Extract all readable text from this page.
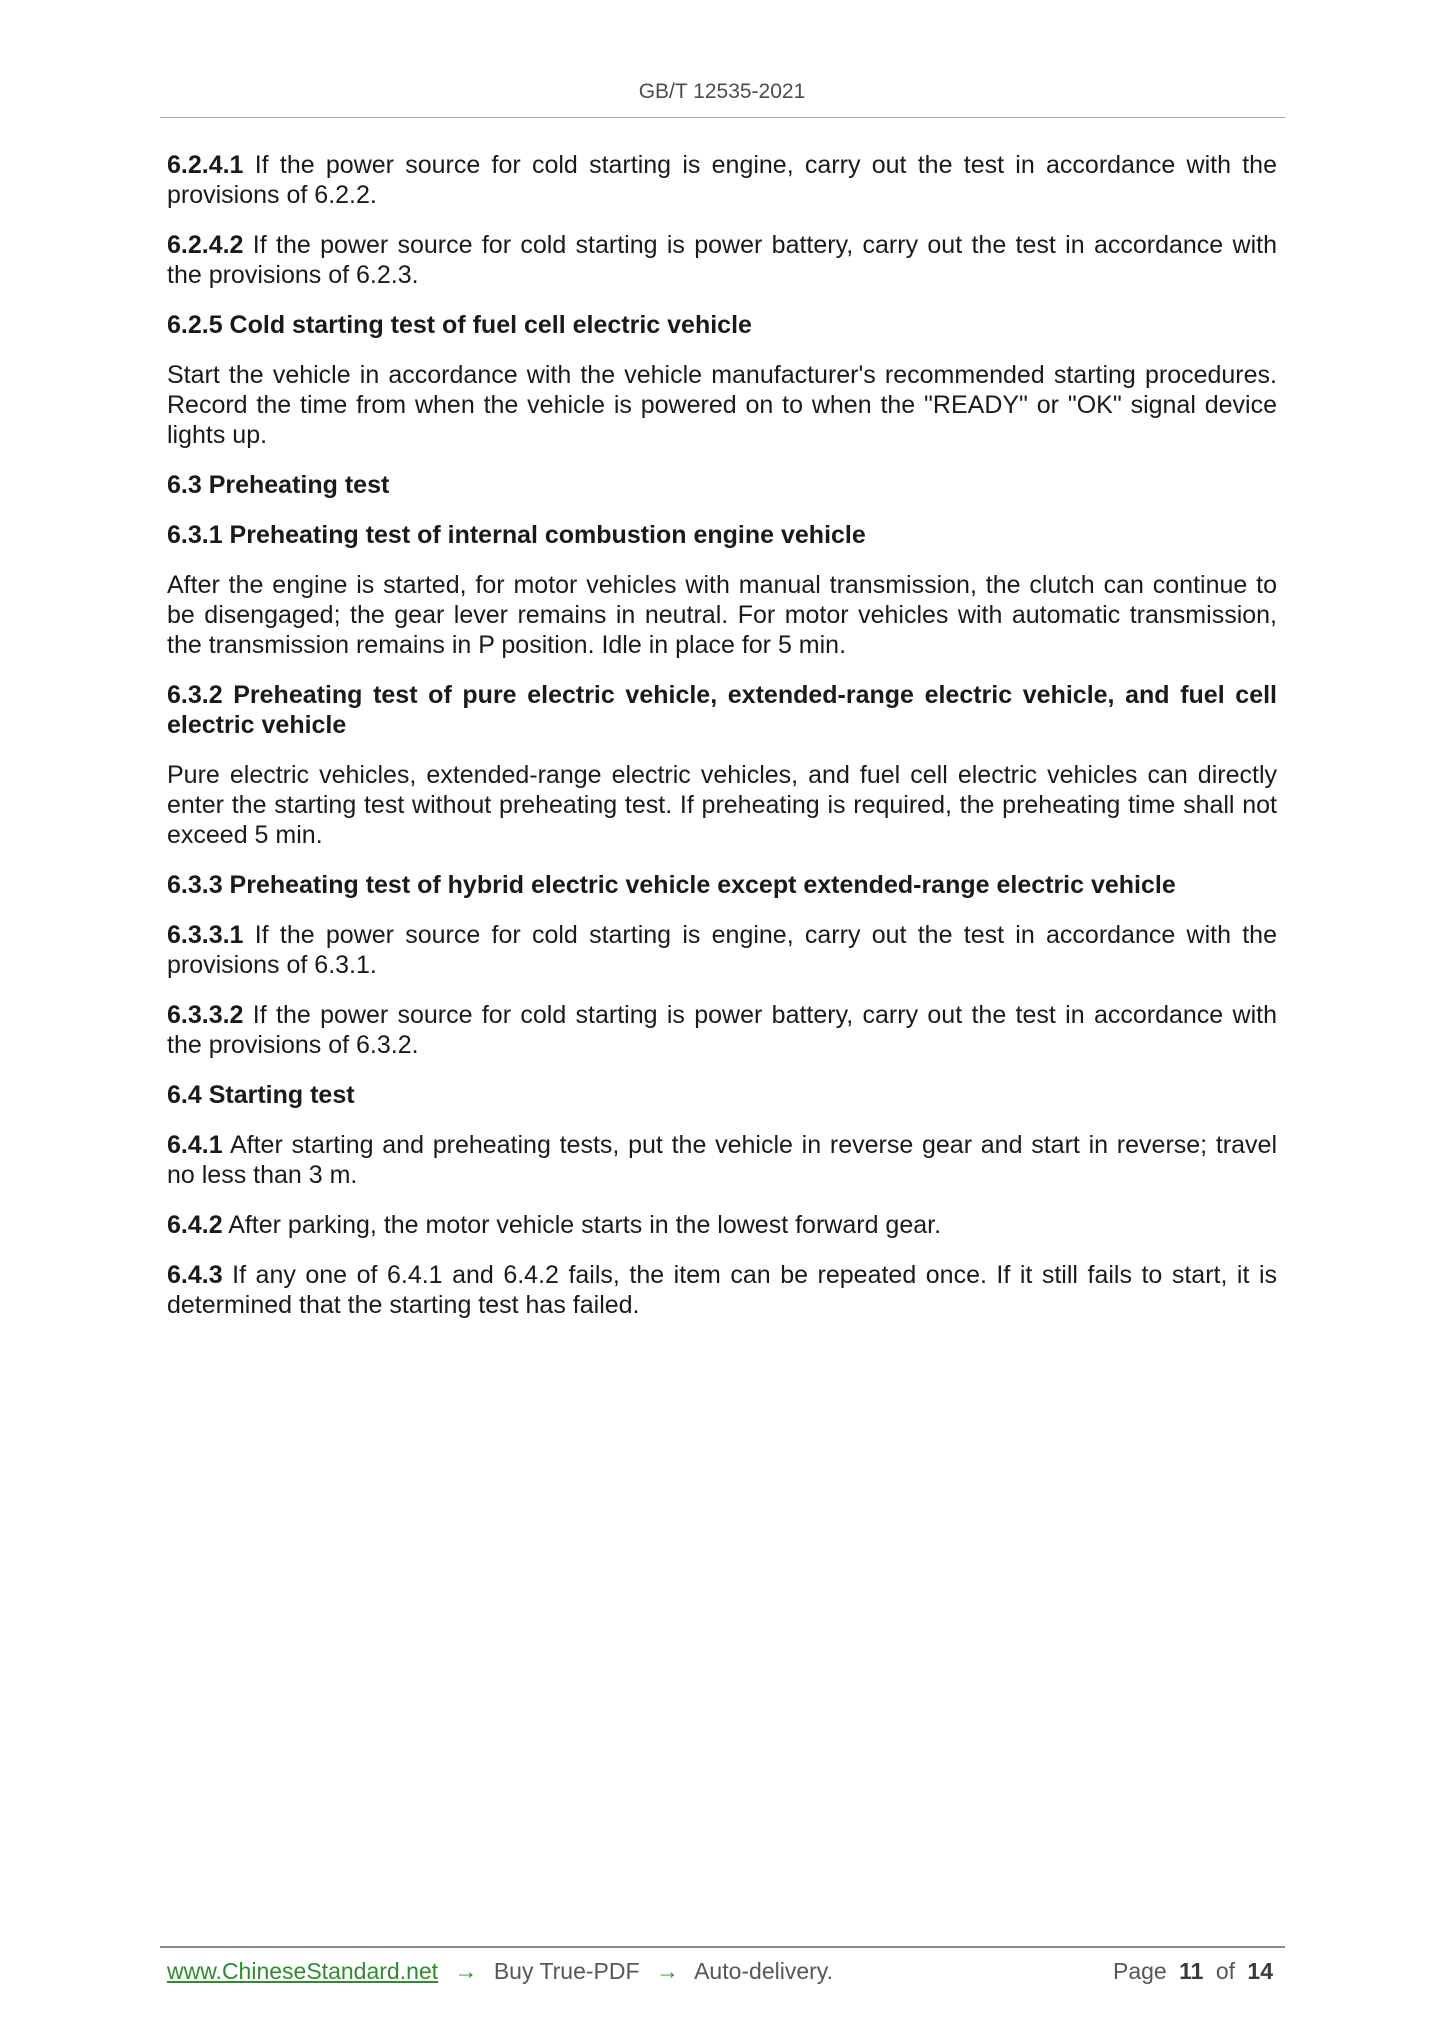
GB/T 12535-2021

6.2.4.1 If the power source for cold starting is engine, carry out the test in accordance with the provisions of 6.2.2.

6.2.4.2 If the power source for cold starting is power battery, carry out the test in accordance with the provisions of 6.2.3.

6.2.5 Cold starting test of fuel cell electric vehicle

Start the vehicle in accordance with the vehicle manufacturer's recommended starting procedures. Record the time from when the vehicle is powered on to when the "READY" or "OK" signal device lights up.

6.3 Preheating test
6.3.1 Preheating test of internal combustion engine vehicle

After the engine is started, for motor vehicles with manual transmission, the clutch can continue to be disengaged; the gear lever remains in neutral. For motor vehicles with automatic transmission, the transmission remains in P position. Idle in place for 5 min.

6.3.2 Preheating test of pure electric vehicle, extended-range electric vehicle, and fuel cell electric vehicle

Pure electric vehicles, extended-range electric vehicles, and fuel cell electric vehicles can directly enter the starting test without preheating test. If preheating is required, the preheating time shall not exceed 5 min.

6.3.3 Preheating test of hybrid electric vehicle except extended-range electric vehicle

6.3.3.1 If the power source for cold starting is engine, carry out the test in accordance with the provisions of 6.3.1.

6.3.3.2 If the power source for cold starting is power battery, carry out the test in accordance with the provisions of 6.3.2.

6.4 Starting test

6.4.1 After starting and preheating tests, put the vehicle in reverse gear and start in reverse; travel no less than 3 m.

6.4.2 After parking, the motor vehicle starts in the lowest forward gear.

6.4.3 If any one of 6.4.1 and 6.4.2 fails, the item can be repeated once. If it still fails to start, it is determined that the starting test has failed.

www.ChineseStandard.net → Buy True-PDF → Auto-delivery.	Page 11 of 14
